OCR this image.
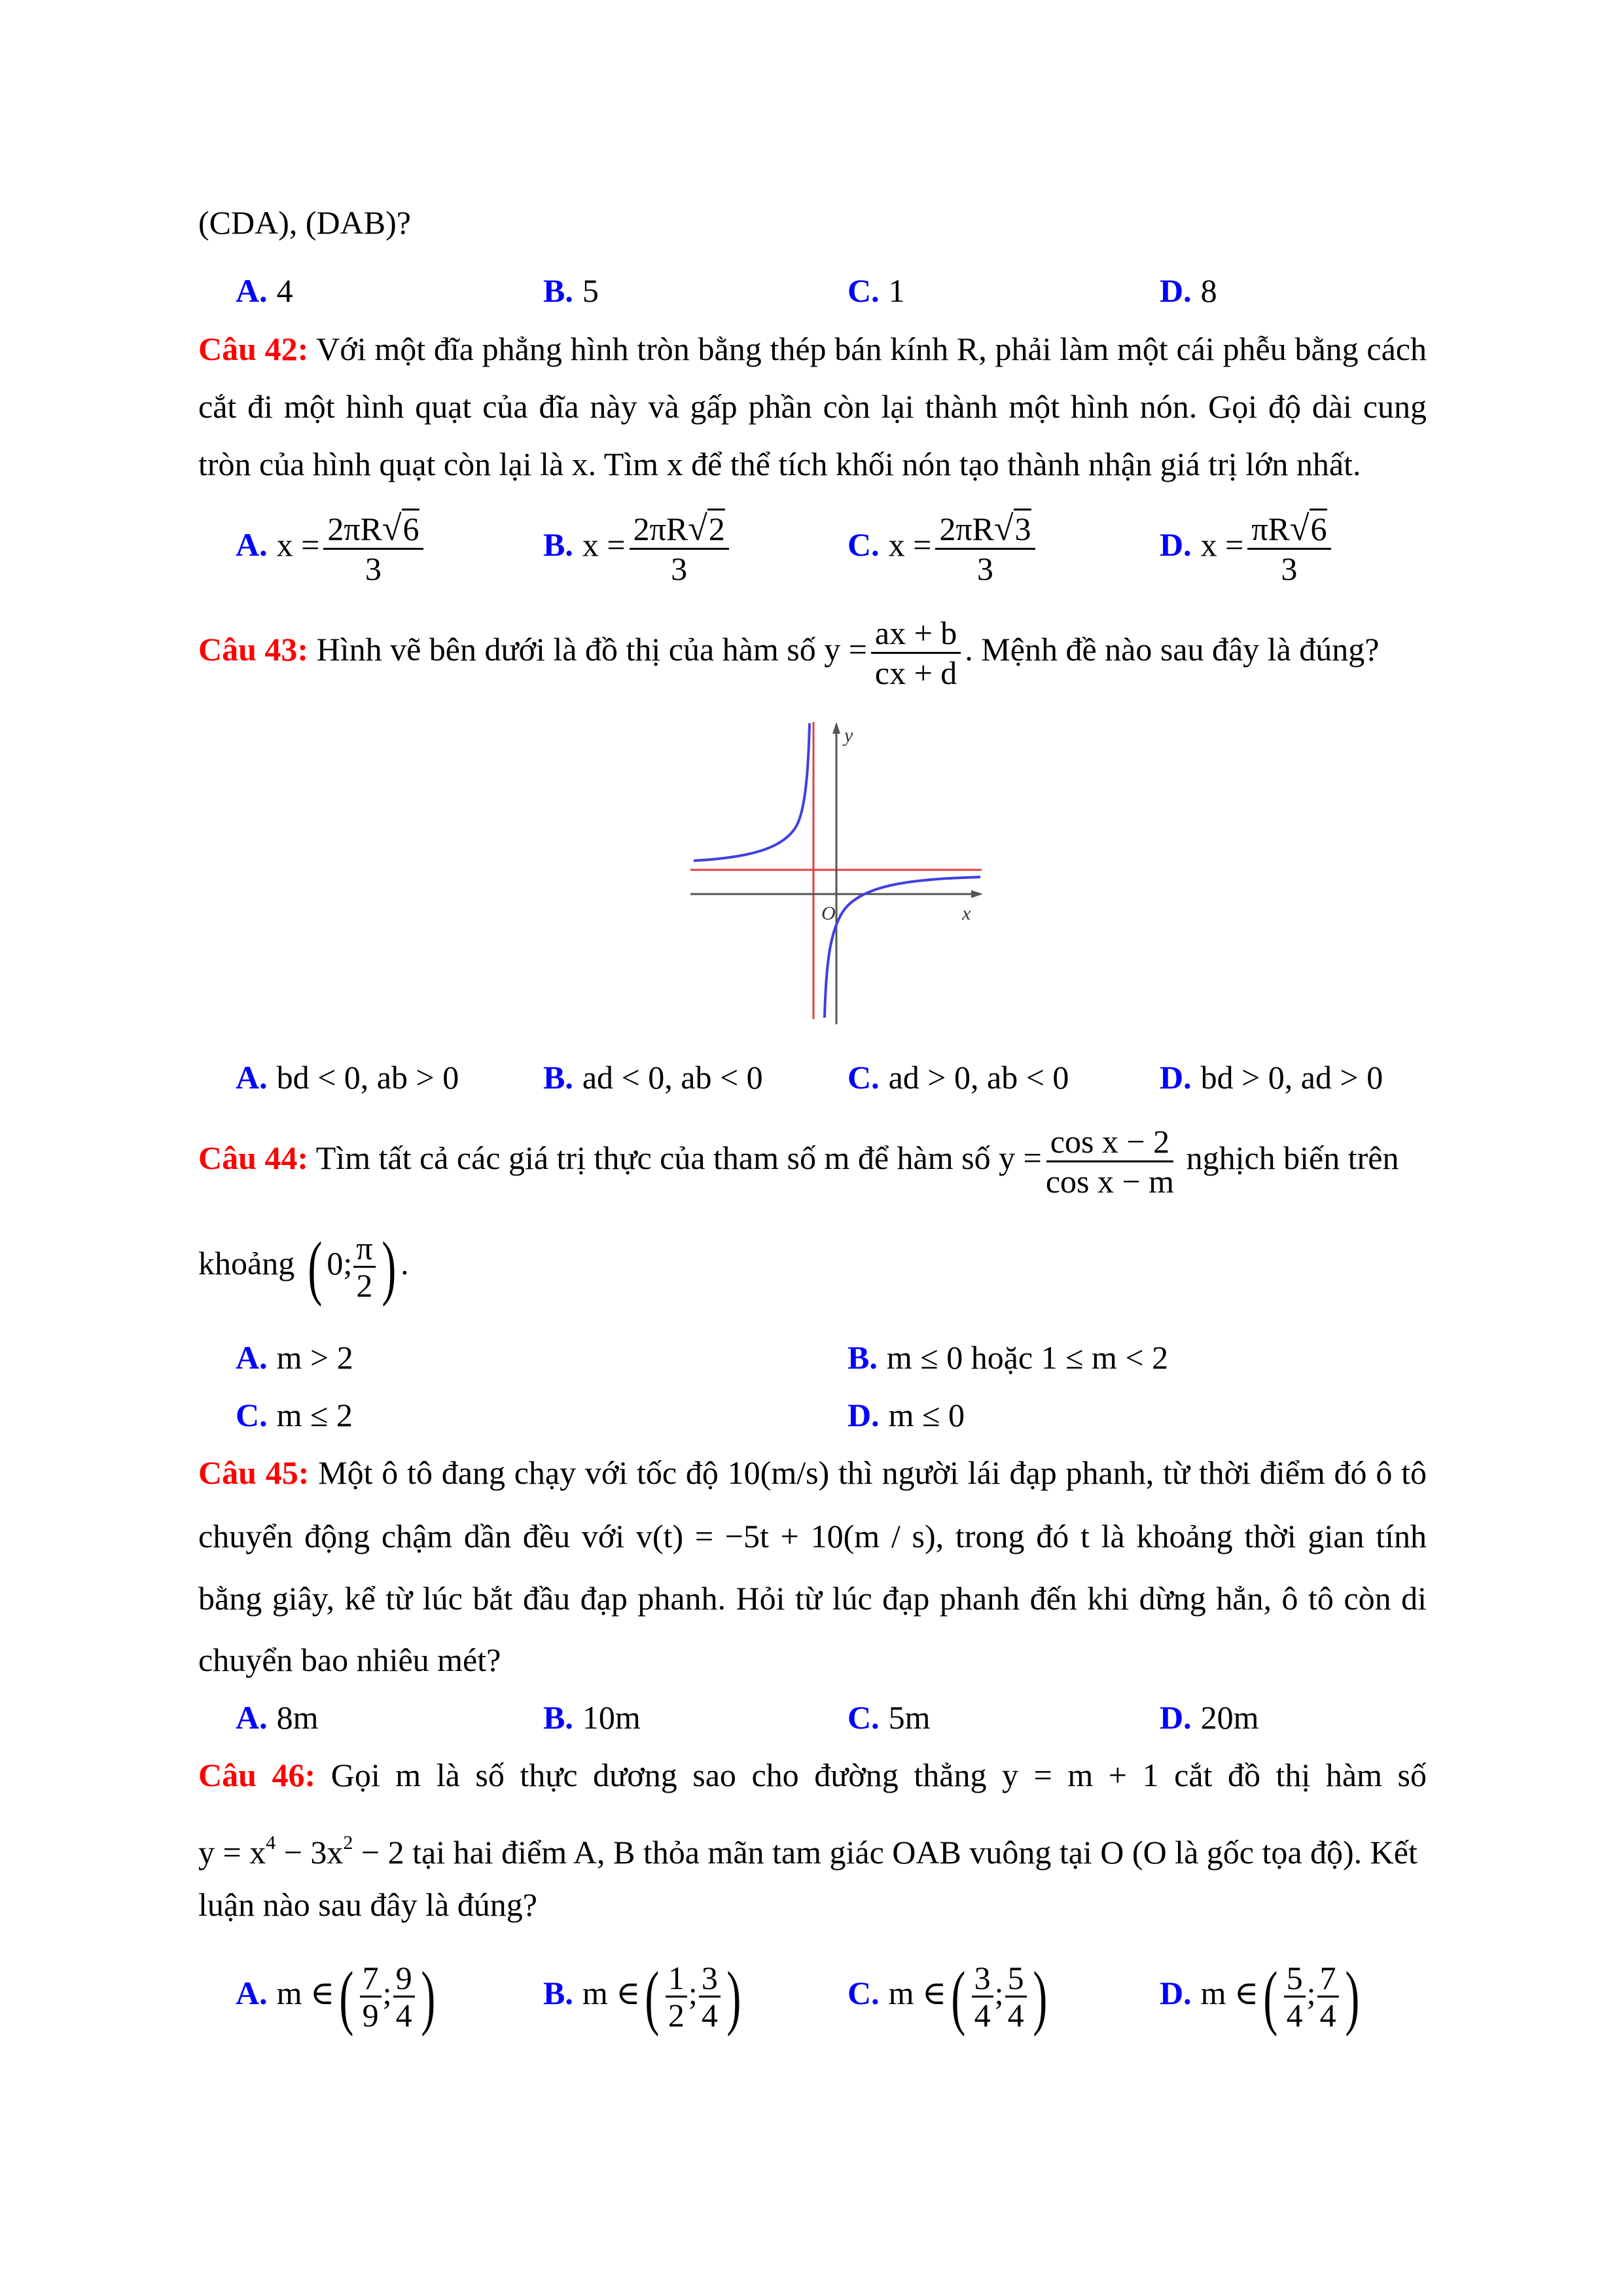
(CDA), (DAB)?
A. 4	B. 5	C. 1	D. 8
Câu 42: Với một đĩa phẳng hình tròn bằng thép bán kính R, phải làm một cái phễu bằng cách
cắt đi một hình quạt của đĩa này và gấp phần còn lại thành một hình nón. Gọi độ dài cung
tròn của hình quạt còn lại là x. Tìm x để thể tích khối nón tạo thành nhận giá trị lớn nhất.
A. $x = \frac{2\pi R√6}{3}$	B. $x = \frac{2\pi R√2}{3}$	C. $x = \frac{2\pi R√3}{3}$	D. $x = \frac{\pi R√6}{3}$
Câu 43: Hình vẽ bên dưới là đồ thị của hàm số $y = \frac{ax + b}{cx + d}$ . Mệnh đề nào sau đây là đúng?
y
O	x
A. bd < 0, ab > 0	B. ad < 0, ab < 0	C. ad > 0, ab < 0	D. bd > 0, ad > 0
Câu 44: Tìm tất cả các giá trị thực của tham số m để hàm số $y = \frac{\text{cos x − 2}}{\text{cos x − m}}$ nghịch biến trên
khoảng ( 0; $\frac{\pi}{2}$ ) .
A. m > 2	B. m ≤ 0 hoặc 1 ≤ m < 2
C. m ≤ 2	D. m ≤ 0
Câu 45: Một ô tô đang chạy với tốc độ 10(m/s) thì người lái đạp phanh, từ thời điểm đó ô tô
chuyển động chậm dần đều với v(t) = −5t + 10(m / s), trong đó t là khoảng thời gian tính
bằng giây, kể từ lúc bắt đầu đạp phanh. Hỏi từ lúc đạp phanh đến khi dừng hẳn, ô tô còn di
chuyển bao nhiêu mét?
A. 8m	B. 10m	C. 5m	D. 20m
Câu 46: Gọi m là số thực dương sao cho đường thẳng y = m + 1 cắt đồ thị hàm số
$y = x^4 - 3x^2 - 2$ tại hai điểm A, B thỏa mãn tam giác OAB vuông tại O (O là gốc tọa độ). Kết
luận nào sau đây là đúng?
A. m ∈( $\frac{7}{9}$ ; $\frac{9}{4}$ )	B. m ∈( $\frac{1}{2}$ ; $\frac{3}{4}$ )	C. m ∈( $\frac{3}{4}$ ; $\frac{5}{4}$ )	D. m ∈( $\frac{5}{4}$ ; $\frac{7}{4}$ )
